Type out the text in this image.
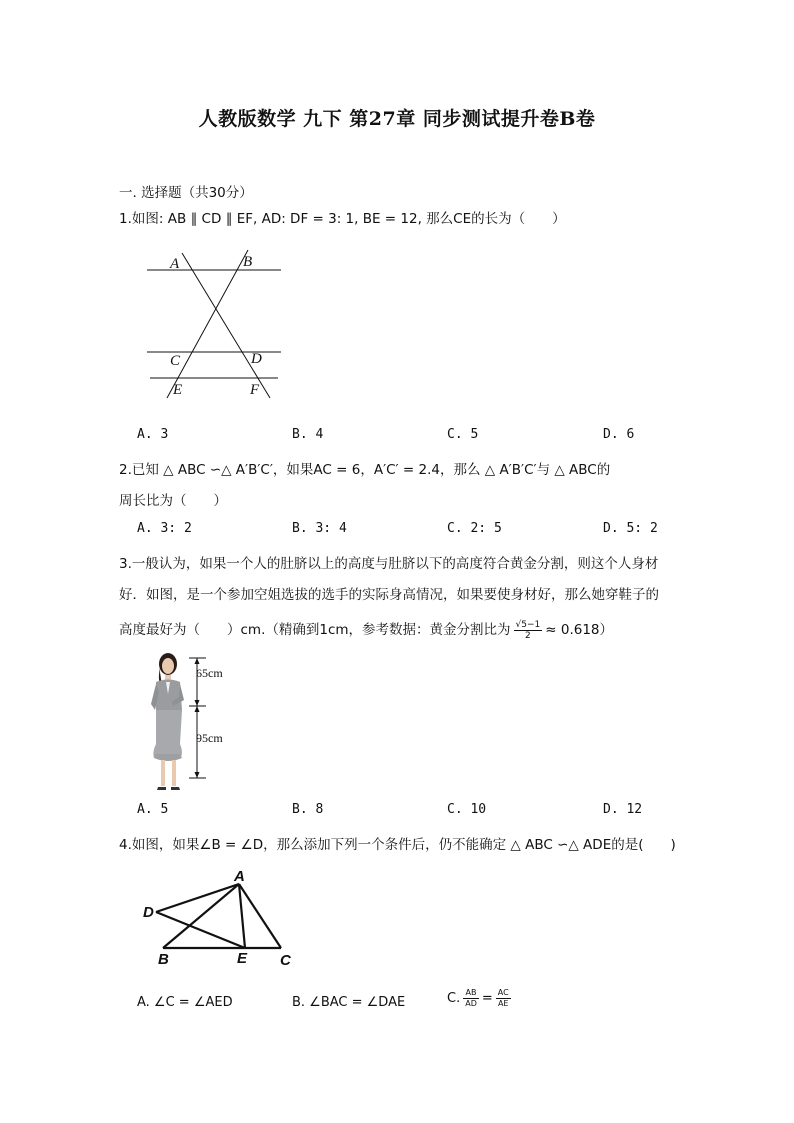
人教版数学 九下 第27章 同步测试提升卷B卷
一. 选择题（共30分）
1.如图: AB ∥ CD ∥ EF, AD: DF = 3: 1, BE = 12, 那么CE的长为（　　）
A	B
C	D
E	F
A. 3	B. 4	C. 5	D. 6
2.已知 △ ABC ∽△ A′B′C′，如果AC = 6，A′C′ = 2.4，那么 △ A′B′C′与 △ ABC的
周长比为（　　）
A. 3: 2	B. 3: 4	C. 2: 5	D. 5: 2
3.一般认为，如果一个人的肚脐以上的高度与肚脐以下的高度符合黄金分割，则这个人身材
好．如图，是一个参加空姐选拔的选手的实际身高情况，如果要使身材好，那么她穿鞋子的
高度最好为（　　）cm.（精确到1cm，参考数据：黄金分割比为 $\frac{√5-1}{2} \approx 0.618$）
65cm
95cm
A. 5	B. 8	C. 10	D. 12
4.如图，如果∠B = ∠D，那么添加下列一个条件后，仍不能确定 △ ABC ∽△ ADE的是(　　)
A
D
B	E C
A. ∠C = ∠AED	B. ∠BAC = ∠DAE	C. $\frac{AB}{AD} = \frac{AC}{AE}$
